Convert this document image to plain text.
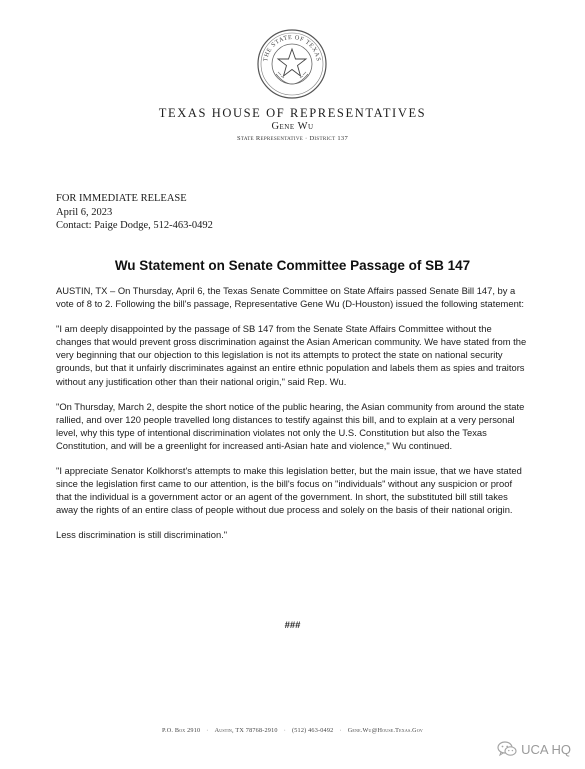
THE STATE OF TEXAS
TEXAS HOUSE OF REPRESENTATIVES
Gene Wu
State Representative · District 137
FOR IMMEDIATE RELEASE
April 6, 2023
Contact: Paige Dodge, 512-463-0492
Wu Statement on Senate Committee Passage of SB 147

AUSTIN, TX – On Thursday, April 6, the Texas Senate Committee on State Affairs passed Senate Bill 147, by a vote of 8 to 2. Following the bill's passage, Representative Gene Wu (D-Houston) issued the following statement:

"I am deeply disappointed by the passage of SB 147 from the Senate State Affairs Committee without the changes that would prevent gross discrimination against the Asian American community. We have stated from the very beginning that our objection to this legislation is not its attempts to protect the state on national security grounds, but that it unfairly discriminates against an entire ethnic population and labels them as spies and traitors without any justification other than their national origin," said Rep. Wu.

"On Thursday, March 2, despite the short notice of the public hearing, the Asian community from around the state rallied, and over 120 people travelled long distances to testify against this bill, and to explain at a very personal level, why this type of intentional discrimination violates not only the U.S. Constitution but also the Texas Constitution, and will be a greenlight for increased anti-Asian hate and violence," Wu continued.

"I appreciate Senator Kolkhorst's attempts to make this legislation better, but the main issue, that we have stated since the legislation first came to our attention, is the bill's focus on "individuals" without any suspicion or proof that the individual is a government actor or an agent of the government. In short, the substituted bill still takes away the rights of an entire class of people without due process and solely on the basis of their national origin.

Less discrimination is still discrimination."

###
P.O. Box 2910 · Austin, TX 78768-2910 · (512) 463-0492 · Gene.Wu@House.Texas.Gov
UCA HQ
